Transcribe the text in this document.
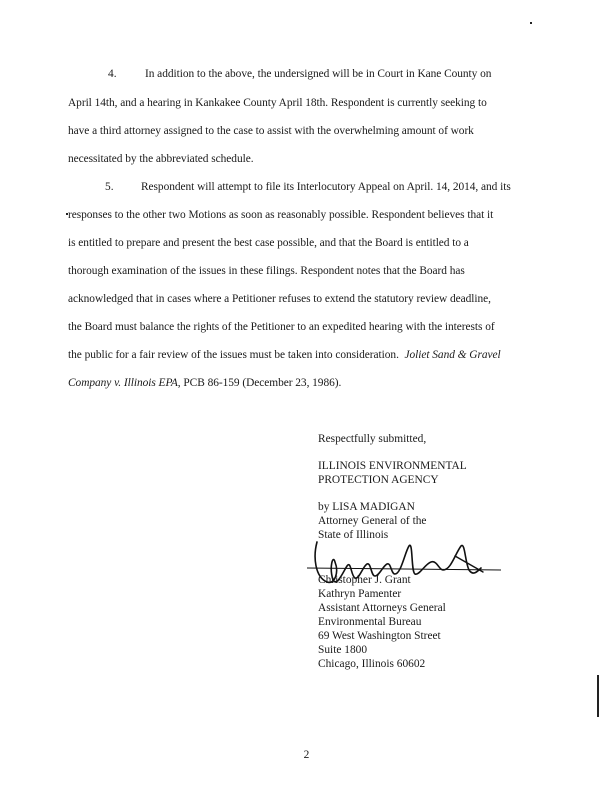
4. In addition to the above, the undersigned will be in Court in Kane County on
April 14th, and a hearing in Kankakee County April 18th. Respondent is currently seeking to
have a third attorney assigned to the case to assist with the overwhelming amount of work
necessitated by the abbreviated schedule.
5. Respondent will attempt to file its Interlocutory Appeal on April. 14, 2014, and its
responses to the other two Motions as soon as reasonably possible. Respondent believes that it
is entitled to prepare and present the best case possible, and that the Board is entitled to a
thorough examination of the issues in these filings. Respondent notes that the Board has
acknowledged that in cases where a Petitioner refuses to extend the statutory review deadline,
the Board must balance the rights of the Petitioner to an expedited hearing with the interests of
the public for a fair review of the issues must be taken into consideration. Joliet Sand & Gravel
Company v. Illinois EPA, PCB 86-159 (December 23, 1986).
Respectfully submitted,
ILLINOIS ENVIRONMENTAL
PROTECTION AGENCY
by LISA MADIGAN
Attorney General of the
State of Illinois
Christopher J. Grant
Kathryn Pamenter
Assistant Attorneys General
Environmental Bureau
69 West Washington Street
Suite 1800
Chicago, Illinois 60602
2
